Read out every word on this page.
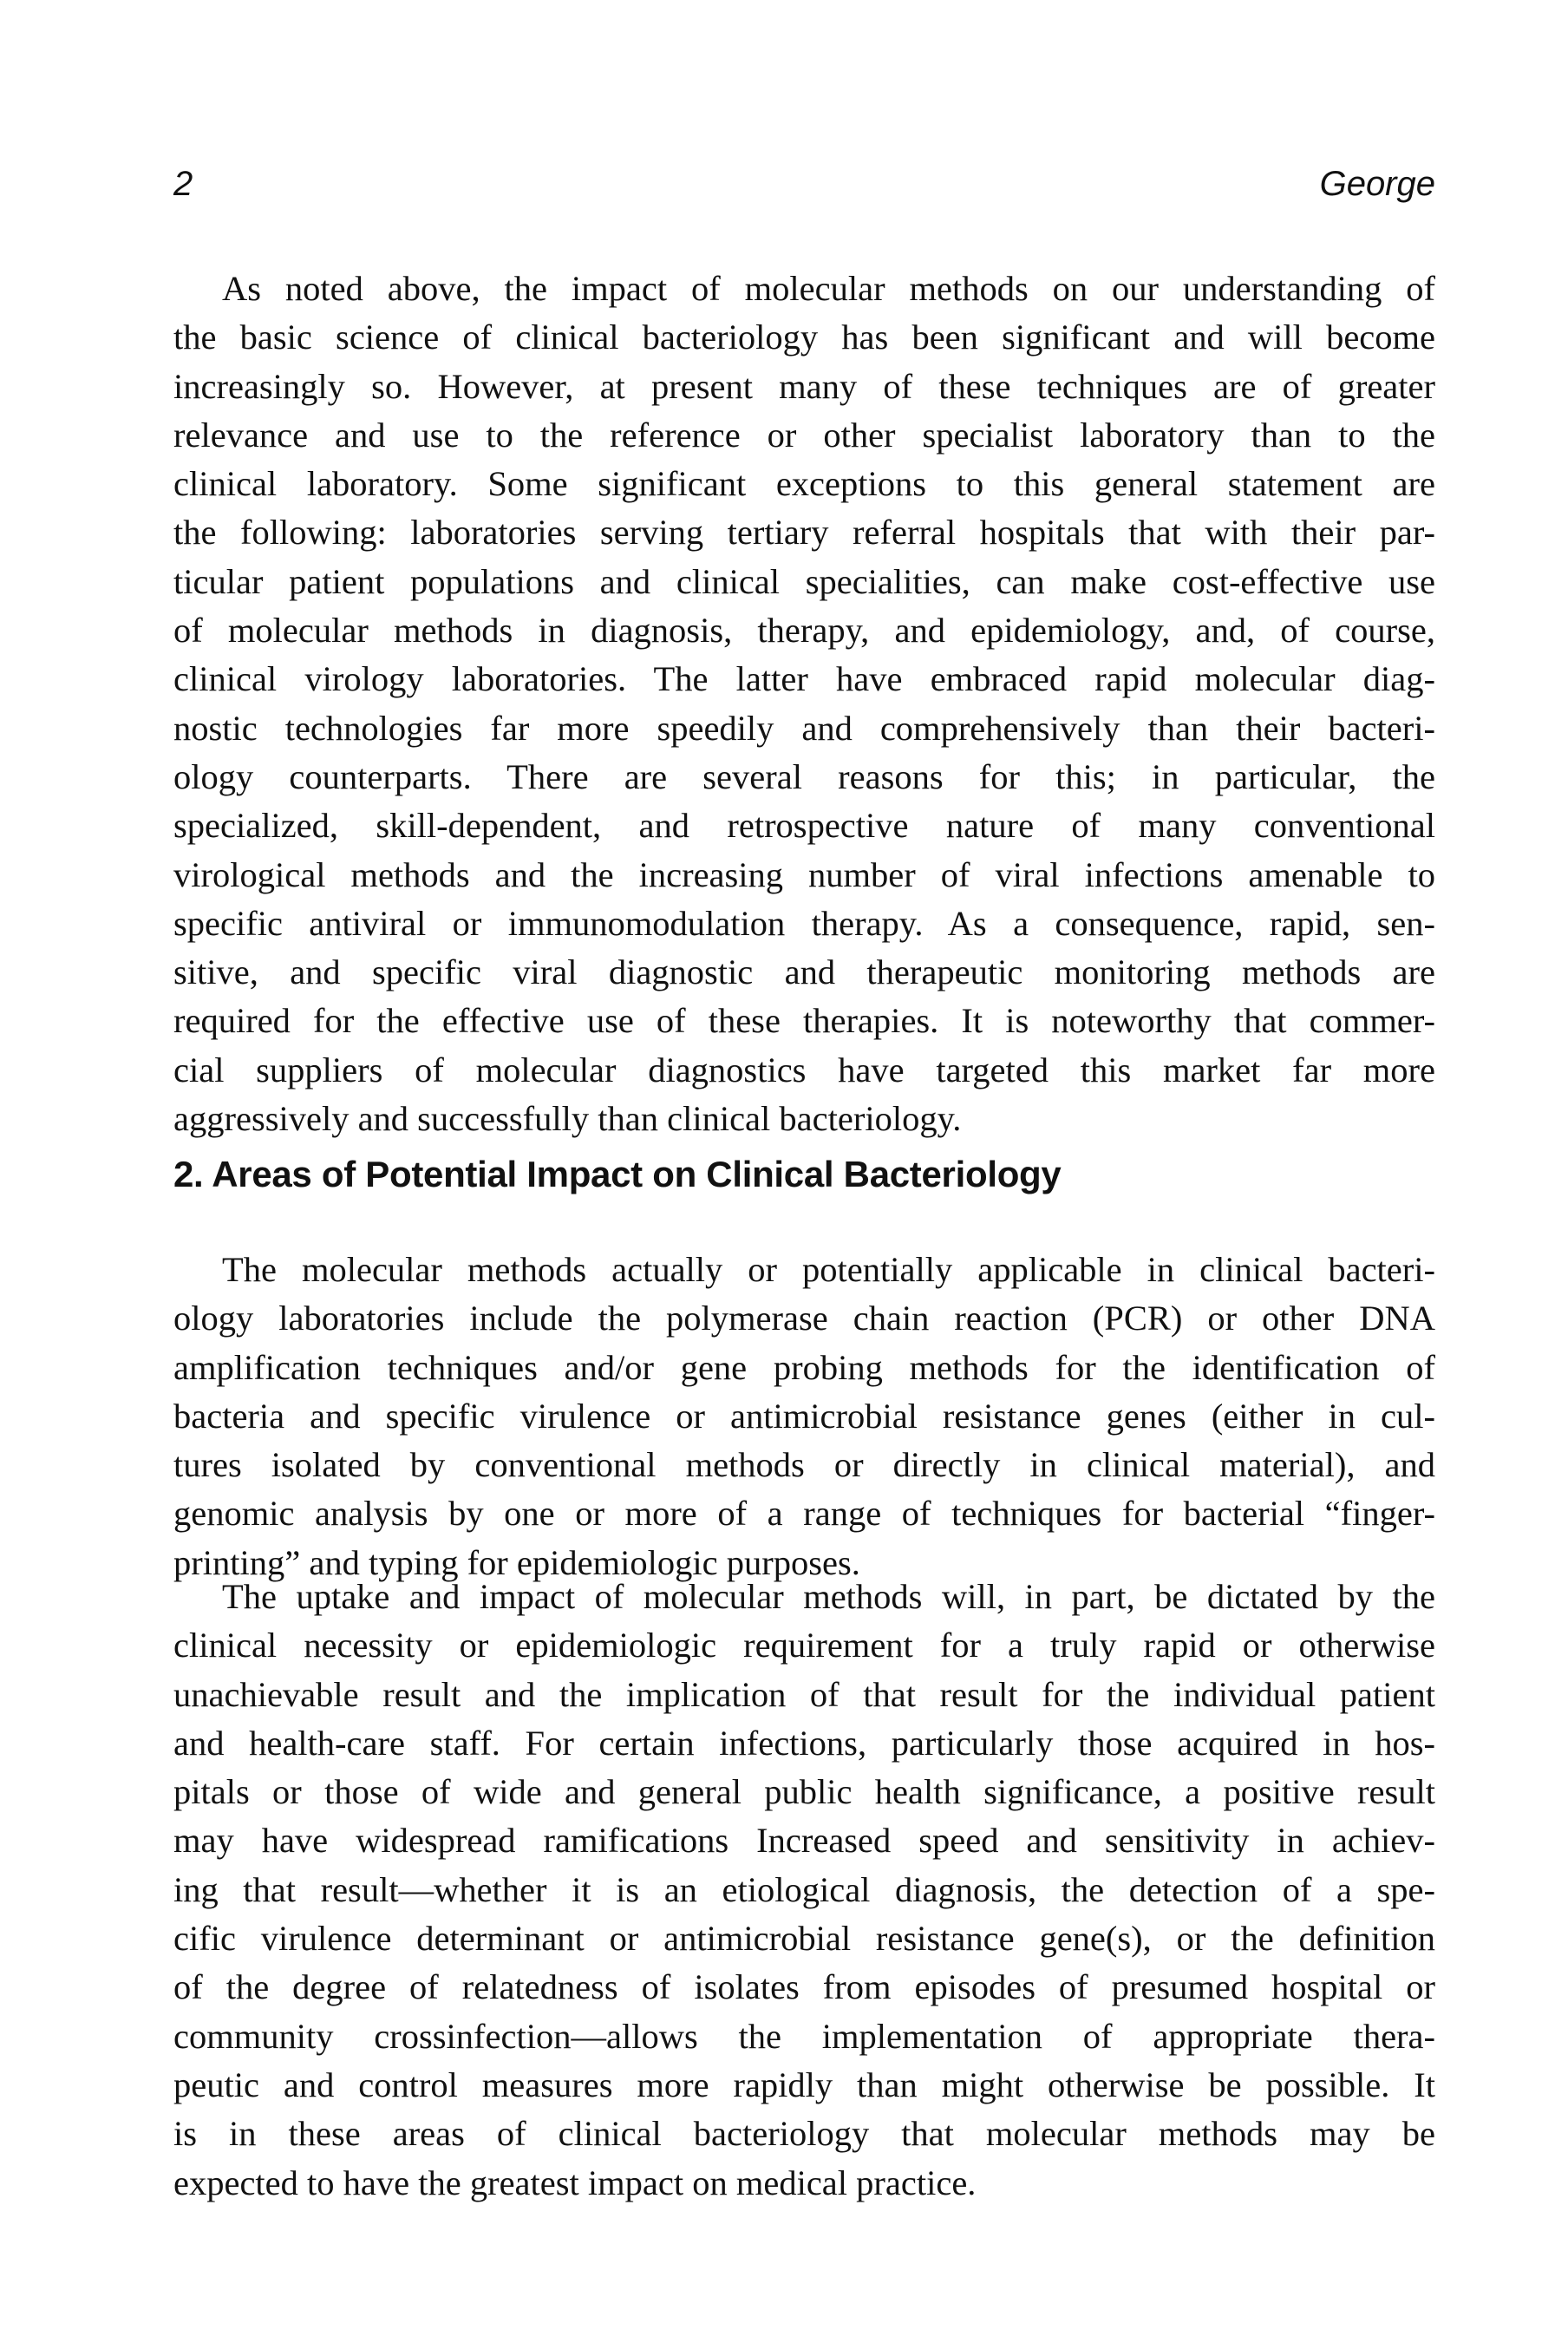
2	George
As noted above, the impact of molecular methods on our understanding of
the basic science of clinical bacteriology has been significant and will become
increasingly so. However, at present many of these techniques are of greater
relevance and use to the reference or other specialist laboratory than to the
clinical laboratory. Some significant exceptions to this general statement are
the following: laboratories serving tertiary referral hospitals that with their par-
ticular patient populations and clinical specialities, can make cost-effective use
of molecular methods in diagnosis, therapy, and epidemiology, and, of course,
clinical virology laboratories. The latter have embraced rapid molecular diag-
nostic technologies far more speedily and comprehensively than their bacteri-
ology counterparts. There are several reasons for this; in particular, the
specialized, skill-dependent, and retrospective nature of many conventional
virological methods and the increasing number of viral infections amenable to
specific antiviral or immunomodulation therapy. As a consequence, rapid, sen-
sitive, and specific viral diagnostic and therapeutic monitoring methods are
required for the effective use of these therapies. It is noteworthy that commer-
cial suppliers of molecular diagnostics have targeted this market far more
aggressively and successfully than clinical bacteriology.
2. Areas of Potential Impact on Clinical Bacteriology
The molecular methods actually or potentially applicable in clinical bacteri-
ology laboratories include the polymerase chain reaction (PCR) or other DNA
amplification techniques and/or gene probing methods for the identification of
bacteria and specific virulence or antimicrobial resistance genes (either in cul-
tures isolated by conventional methods or directly in clinical material), and
genomic analysis by one or more of a range of techniques for bacterial “finger-
printing” and typing for epidemiologic purposes.
The uptake and impact of molecular methods will, in part, be dictated by the
clinical necessity or epidemiologic requirement for a truly rapid or otherwise
unachievable result and the implication of that result for the individual patient
and health-care staff. For certain infections, particularly those acquired in hos-
pitals or those of wide and general public health significance, a positive result
may have widespread ramifications Increased speed and sensitivity in achiev-
ing that result—whether it is an etiological diagnosis, the detection of a spe-
cific virulence determinant or antimicrobial resistance gene(s), or the definition
of the degree of relatedness of isolates from episodes of presumed hospital or
community crossinfection—allows the implementation of appropriate thera-
peutic and control measures more rapidly than might otherwise be possible. It
is in these areas of clinical bacteriology that molecular methods may be
expected to have the greatest impact on medical practice.
